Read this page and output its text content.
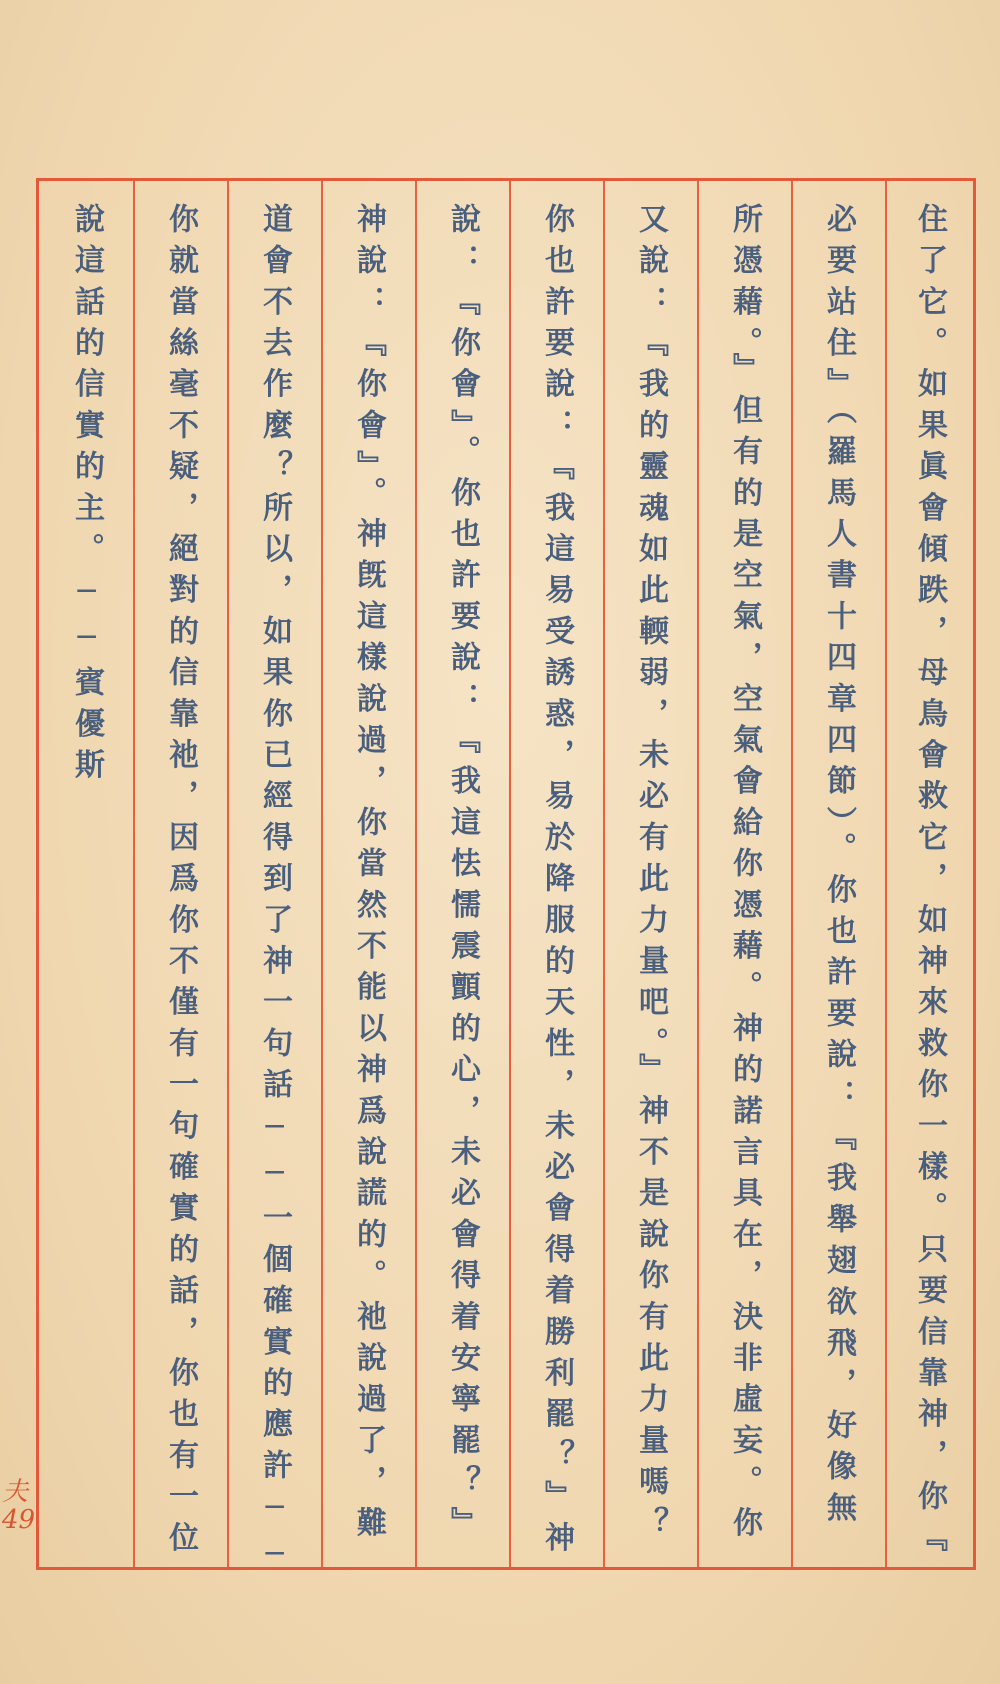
住了它。如果眞會傾跌，母鳥會救它，如神來救你一樣。只要信靠神，你『
必要站住』（羅馬人書十四章四節）。你也許要說：『我舉翅欲飛，好像無
所憑藉。』但有的是空氣，空氣會給你憑藉。神的諾言具在，決非虛妄。你
又說：『我的靈魂如此輭弱，未必有此力量吧。』神不是說你有此力量嗎？
你也許要說：『我這易受誘惑，易於降服的天性，未必會得着勝利罷？』神
說：『你會』。你也許要說：『我這怯懦震顫的心，未必會得着安寧罷？』
神說：『你會』。神旣這樣說過，你當然不能以神爲說謊的。祂說過了，難
道會不去作麼？所以，如果你已經得到了神一句話──一個確實的應許──
你就當絲毫不疑，絕對的信靠祂，因爲你不僅有一句確實的話，你也有一位
說這話的信實的主。──賓優斯
夫
49
